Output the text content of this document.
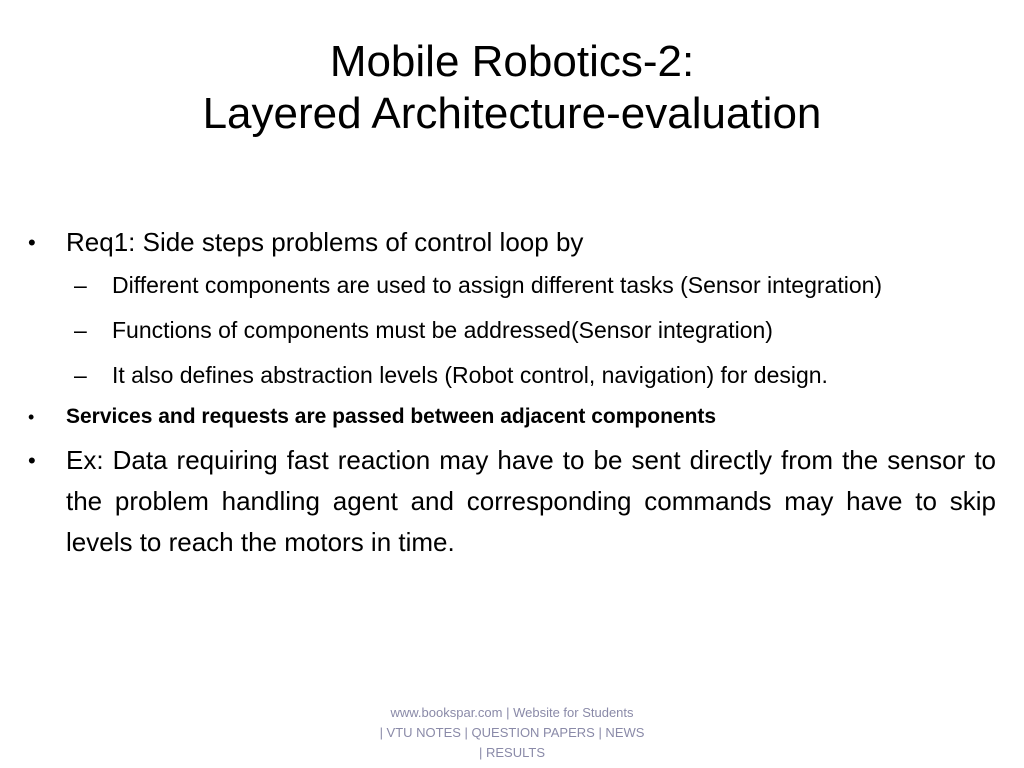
Mobile Robotics-2:
Layered Architecture-evaluation
• Req1: Side steps problems of control loop by
– Different components are used to assign different tasks (Sensor integration)
– Functions of components must be addressed(Sensor integration)
– It also defines abstraction levels (Robot control, navigation) for design.
• Services and requests are passed between adjacent components
• Ex: Data requiring fast reaction may have to be sent directly from the sensor to the problem handling agent and corresponding commands may have to skip levels to reach the motors in time.
www.bookspar.com | Website for Students
| VTU NOTES | QUESTION PAPERS | NEWS
| RESULTS
